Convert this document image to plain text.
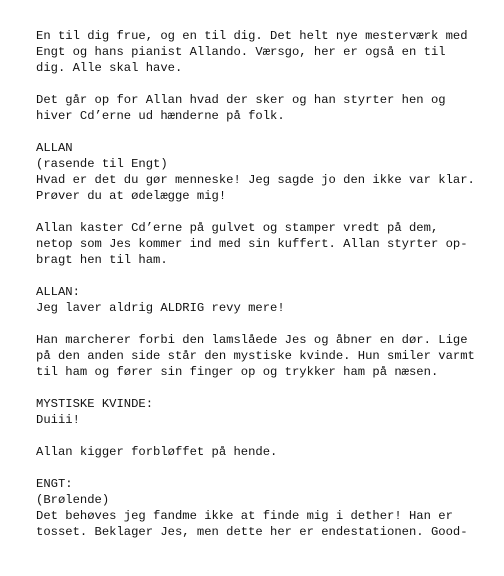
En til dig frue, og en til dig. Det helt nye mesterværk med
Engt og hans pianist Allando. Værsgo, her er også en til
dig. Alle skal have.
Det går op for Allan hvad der sker og han styrter hen og
hiver Cd’erne ud hænderne på folk.
ALLAN
(rasende til Engt)
Hvad er det du gør menneske! Jeg sagde jo den ikke var klar.
Prøver du at ødelægge mig!
Allan kaster Cd’erne på gulvet og stamper vredt på dem,
netop som Jes kommer ind med sin kuffert. Allan styrter op-
bragt hen til ham.
ALLAN:
Jeg laver aldrig ALDRIG revy mere!
Han marcherer forbi den lamslåede Jes og åbner en dør. Lige
på den anden side står den mystiske kvinde. Hun smiler varmt
til ham og fører sin finger op og trykker ham på næsen.
MYSTISKE KVINDE:
Duiii!
Allan kigger forbløffet på hende.
ENGT:
(Brølende)
Det behøves jeg fandme ikke at finde mig i dether! Han er
tosset. Beklager Jes, men dette her er endestationen. Good-
